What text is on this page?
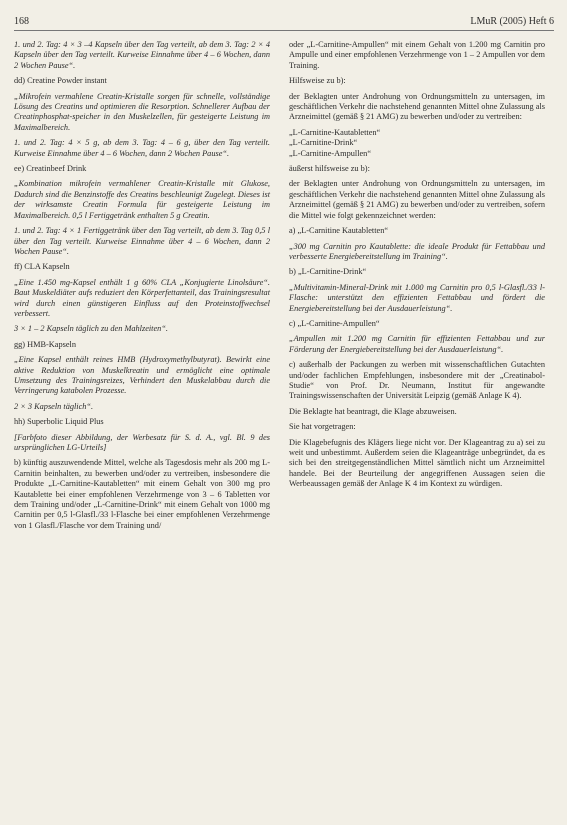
168	LMuR (2005) Heft 6

1. und 2. Tag: 4 × 3 –4 Kapseln über den Tag verteilt, ab dem 3. Tag: 2 × 4 Kapseln über den Tag verteilt. Kurweise Einnahme über 4 – 6 Wochen, dann 2 Wochen Pause“.

dd) Creatine Powder instant

„Mikrofein vermahlene Creatin-Kristalle sorgen für schnelle, vollständige Lösung des Creatins und optimieren die Resorption. Schnellerer Aufbau der Creatinphosphat-speicher in den Muskelzellen, für gesteigerte Leistung im Maximalbereich.

1. und 2. Tag: 4 × 5 g, ab dem 3. Tag: 4 – 6 g, über den Tag verteilt. Kurweise Einnahme über 4 – 6 Wochen, dann 2 Wochen Pause“.

ee) Creatinbeef Drink

„Kombination mikrofein vermahlener Creatin-Kristalle mit Glukose, Dadurch sind die Benzinstoffe des Creatins beschleunigt Zugelegt. Dieses ist der wirksamste Creatin Formula für gesteigerte Leistung im Maximalbereich. 0,5 l Fertiggetränk enthalten 5 g Creatin.

1. und 2. Tag: 4 × 1 Fertiggetränk über den Tag verteilt, ab dem 3. Tag 0,5 l über den Tag verteilt. Kurweise Einnahme über 4 – 6 Wochen, dann 2 Wochen Pause“.

ff) CLA Kapseln

„Eine 1.450 mg-Kapsel enthält 1 g 60% CLA „Konjugierte Linolsäure“. Baut Muskeldiäter aufs reduziert den Körperfettanteil, das Trainingsresultat wird durch einen günstigeren Einfluss auf den Proteinstoffwechsel verbessert.

3 × 1 – 2 Kapseln täglich zu den Mahlzeiten“.

gg) HMB-Kapseln

„Eine Kapsel enthält reines HMB (Hydroxymethylbutyrat). Bewirkt eine aktive Reduktion von Muskelkreatin und ermöglicht eine optimale Umsetzung des Trainingsreizes, Verhindert den Muskelabbau durch die Verringerung katabolen Prozesse.

2 × 3 Kapseln täglich“.

hh) Superbolic Liquid Plus

[Farbfoto dieser Abbildung, der Werbesatz für S. d. A., vgl. Bl. 9 des ursprünglichen LG-Urteils]

b) künftig auszuwendende Mittel, welche als Tagesdosis mehr als 200 mg L-Carnitin beinhalten, zu bewerben und/oder zu vertreiben, insbesondere die Produkte „L-Carnitine-Kautabletten“ mit einem Gehalt von 300 mg pro Kautablette bei einer empfohlenen Verzehrmenge von 3 – 6 Tabletten vor dem Training und/oder „L-Carnitine-Drink“ mit einem Gehalt von 1000 mg Carnitin per 0,5 l-Glasfl./33 l-Flasche bei einer empfohlenen Verzehrmenge von 1 Glasfl./Flasche vor dem Training und/

oder „L-Carnitine-Ampullen“ mit einem Gehalt von 1.200 mg Carnitin pro Ampulle und einer empfohlenen Verzehrmenge von 1 – 2 Ampullen vor dem Training.

Hilfsweise zu b):

der Beklagten unter Androhung von Ordnungsmitteln zu untersagen, im geschäftlichen Verkehr die nachstehend genannten Mittel ohne Zulassung als Arzneimittel (gemäß § 21 AMG) zu bewerben und/oder zu vertreiben:

„L-Carnitine-Kautabletten“
„L-Carnitine-Drink“
„L-Carnitine-Ampullen“

äußerst hilfsweise zu b):

der Beklagten unter Androhung von Ordnungsmitteln zu untersagen, im geschäftlichen Verkehr die nachstehend genannten Mittel ohne Zulassung als Arzneimittel (gemäß § 21 AMG) zu bewerben und/oder zu vertreiben, sofern die Mittel wie folgt gekennzeichnet werden:

a) „L-Carnitine Kautabletten“

„300 mg Carnitin pro Kautablette: die ideale Produkt für Fettabbau und verbesserte Energiebereitstellung im Training“.

b) „L-Carnitine-Drink“

„Multivitamin-Mineral-Drink mit 1.000 mg Carnitin pro 0,5 l-Glasfl./33 l-Flasche: unterstützt den effizienten Fettabbau und fördert die Energiebereitstellung bei der Ausdauerleistung“.

c) „L-Carnitine-Ampullen“

„Ampullen mit 1.200 mg Carnitin für effizienten Fettabbau und zur Förderung der Energiebereitstellung bei der Ausdauerleistung“.

c) außerhalb der Packungen zu werben mit wissenschaftlichen Gutachten und/oder fachlichen Empfehlungen, insbesondere mit der „Creatinabol-Studie“ von Prof. Dr. Neumann, Institut für angewandte Trainingswissenschaften der Universität Leipzig (gemäß Anlage K 4).

Die Beklagte hat beantragt, die Klage abzuweisen.

Sie hat vorgetragen:

Die Klagebefugnis des Klägers liege nicht vor. Der Klageantrag zu a) sei zu weit und unbestimmt. Außerdem seien die Klageanträge unbegründet, da es sich bei den streitgegenständlichen Mittel sämtlich nicht um Arzneimittel handele. Bei der Beurteilung der angegriffenen Aussagen seien die Werbeaussagen gemäß der Anlage K 4 im Kontext zu würdigen.
